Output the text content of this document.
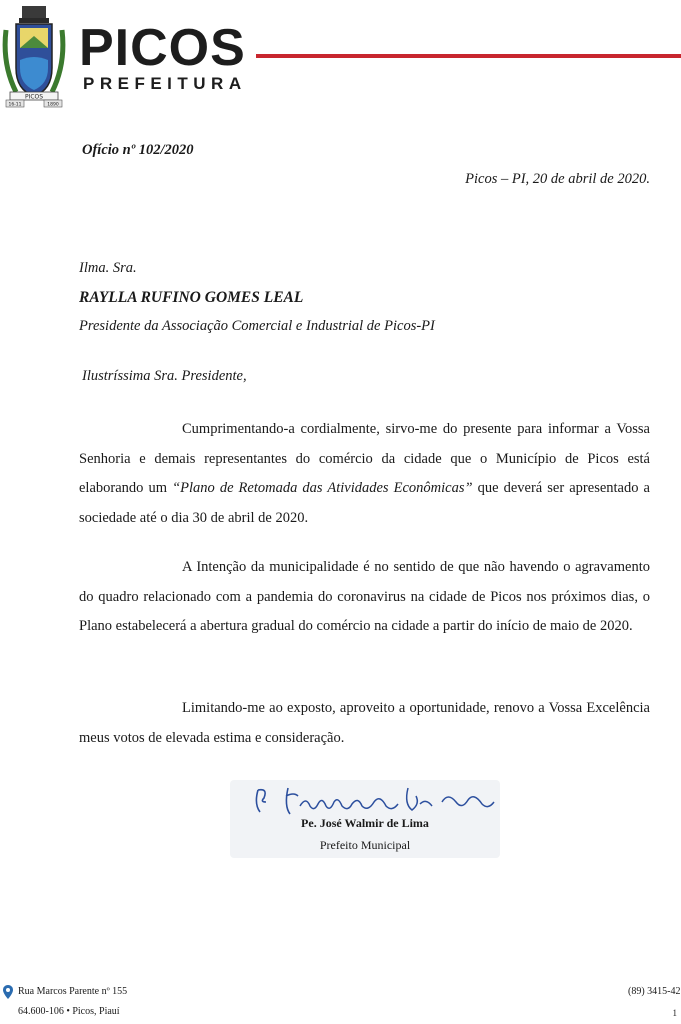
PICOS
16-11	1890
PICOS
PREFEITURA
Ofício nº 102/2020
Picos – PI, 20 de abril de 2020.
Ilma. Sra.
RAYLLA RUFINO GOMES LEAL
Presidente da Associação Comercial e Industrial de Picos-PI
Ilustríssima Sra. Presidente,
Cumprimentando-a cordialmente, sirvo-me do presente para informar a Vossa Senhoria e demais representantes do comércio da cidade que o Município de Picos está elaborando um “Plano de Retomada das Atividades Econômicas” que deverá ser apresentado a sociedade até o dia 30 de abril de 2020.
A Intenção da municipalidade é no sentido de que não havendo o agravamento do quadro relacionado com a pandemia do coronavirus na cidade de Picos nos próximos dias, o Plano estabelecerá a abertura gradual do comércio na cidade a partir do início de maio de 2020.
Limitando-me ao exposto, aproveito a oportunidade, renovo a Vossa Excelência meus votos de elevada estima e consideração.
Pe. José Walmir de Lima
Prefeito Municipal
Rua Marcos Parente nº 155
64.600-106 • Picos, Piauí
(89) 3415-42
1
